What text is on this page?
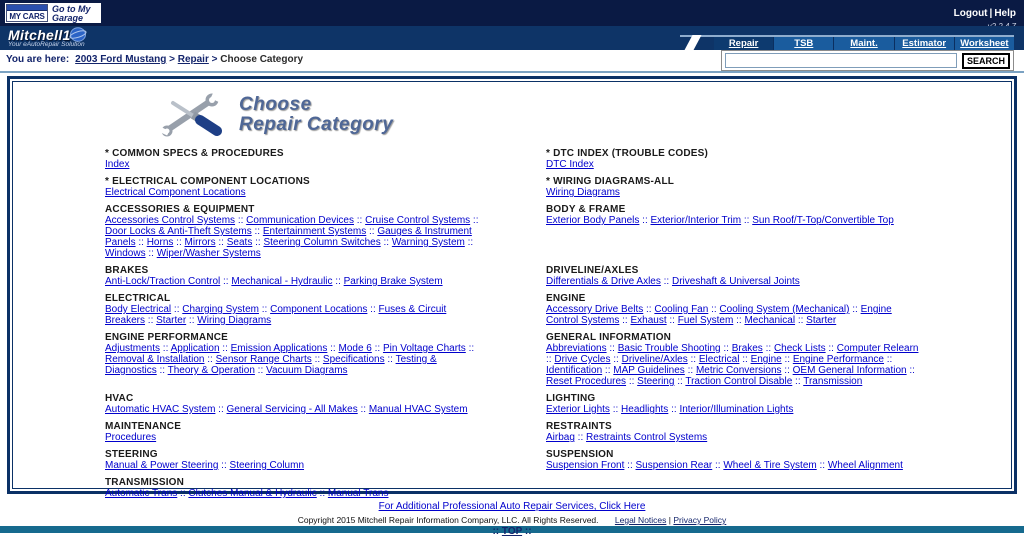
MY CARS
Go to My Garage	Logout | Help
Mitchell1
Your eAutoRepair Solution	Repair	TSB	Maint.	Estimator	Worksheet
You are here: 2003 Ford Mustang > Repair > Choose Category	SEARCH
Choose
Repair Category
* COMMON SPECS & PROCEDURES
Index
* DTC INDEX (TROUBLE CODES)
DTC Index
* ELECTRICAL COMPONENT LOCATIONS
Electrical Component Locations
* WIRING DIAGRAMS-ALL
Wiring Diagrams
ACCESSORIES & EQUIPMENT
Accessories Control Systems :: Communication Devices :: Cruise Control Systems :: Door Locks & Anti-Theft Systems :: Entertainment Systems :: Gauges & Instrument Panels :: Horns :: Mirrors :: Seats :: Steering Column Switches :: Warning System :: Windows :: Wiper/Washer Systems
BODY & FRAME
Exterior Body Panels :: Exterior/Interior Trim :: Sun Roof/T-Top/Convertible Top
BRAKES
Anti-Lock/Traction Control :: Mechanical - Hydraulic :: Parking Brake System
DRIVELINE/AXLES
Differentials & Drive Axles :: Driveshaft & Universal Joints
ELECTRICAL
Body Electrical :: Charging System :: Component Locations :: Fuses & Circuit Breakers :: Starter :: Wiring Diagrams
ENGINE
Accessory Drive Belts :: Cooling Fan :: Cooling System (Mechanical) :: Engine Control Systems :: Exhaust :: Fuel System :: Mechanical :: Starter
ENGINE PERFORMANCE
Adjustments :: Application :: Emission Applications :: Mode 6 :: Pin Voltage Charts :: Removal & Installation :: Sensor Range Charts :: Specifications :: Testing & Diagnostics :: Theory & Operation :: Vacuum Diagrams
GENERAL INFORMATION
Abbreviations :: Basic Trouble Shooting :: Brakes :: Check Lists :: Computer Relearn :: Drive Cycles :: Driveline/Axles :: Electrical :: Engine :: Engine Performance :: Identification :: MAP Guidelines :: Metric Conversions :: OEM General Information :: Reset Procedures :: Steering :: Traction Control Disable :: Transmission
HVAC
Automatic HVAC System :: General Servicing - All Makes :: Manual HVAC System
LIGHTING
Exterior Lights :: Headlights :: Interior/Illumination Lights
MAINTENANCE
Procedures
RESTRAINTS
Airbag :: Restraints Control Systems
STEERING
Manual & Power Steering :: Steering Column
SUSPENSION
Suspension Front :: Suspension Rear :: Wheel & Tire System :: Wheel Alignment
TRANSMISSION
Automatic Trans :: Clutches Manual & Hydraulic :: Manual Trans
For Additional Professional Auto Repair Services, Click Here
Copyright 2015 Mitchell Repair Information Company, LLC. All Rights Reserved. Legal Notices | Privacy Policy
:: TOP ::
